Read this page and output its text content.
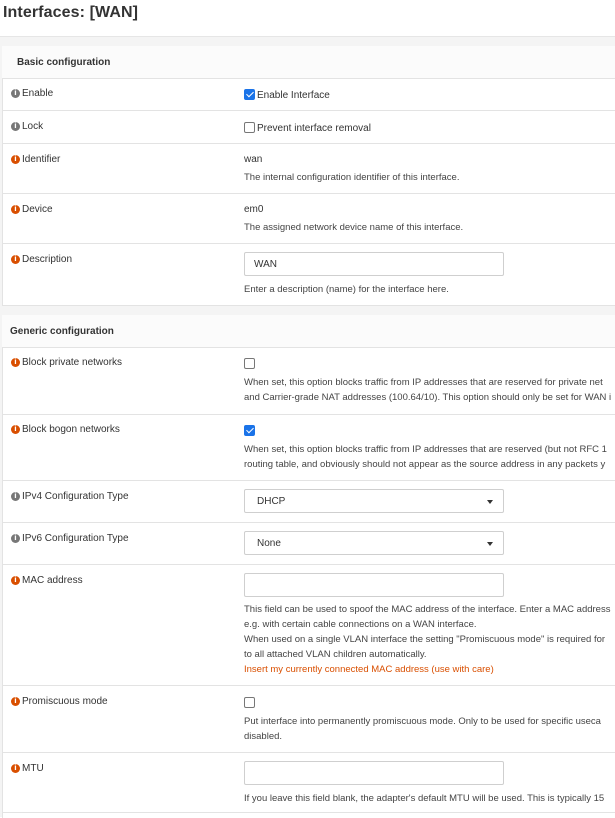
Interfaces: [WAN]
Basic configuration
i Enable	Enable Interface
i Lock	Prevent interface removal
i Identifier	wan
The internal configuration identifier of this interface.
i Device	em0
The assigned network device name of this interface.
i Description	WAN
Enter a description (name) for the interface here.
Generic configuration
i Block private networks
When set, this option blocks traffic from IP addresses that are reserved for private net
and Carrier-grade NAT addresses (100.64/10). This option should only be set for WAN i
i Block bogon networks
When set, this option blocks traffic from IP addresses that are reserved (but not RFC 1
routing table, and obviously should not appear as the source address in any packets y
i IPv4 Configuration Type	DHCP
i IPv6 Configuration Type	None
i MAC address
This field can be used to spoof the MAC address of the interface. Enter a MAC address
e.g. with certain cable connections on a WAN interface.
When used on a single VLAN interface the setting "Promiscuous mode" is required for
to all attached VLAN children automatically.
Insert my currently connected MAC address (use with care)
i Promiscuous mode
Put interface into permanently promiscuous mode. Only to be used for specific useca
disabled.
i MTU
If you leave this field blank, the adapter's default MTU will be used. This is typically 15
